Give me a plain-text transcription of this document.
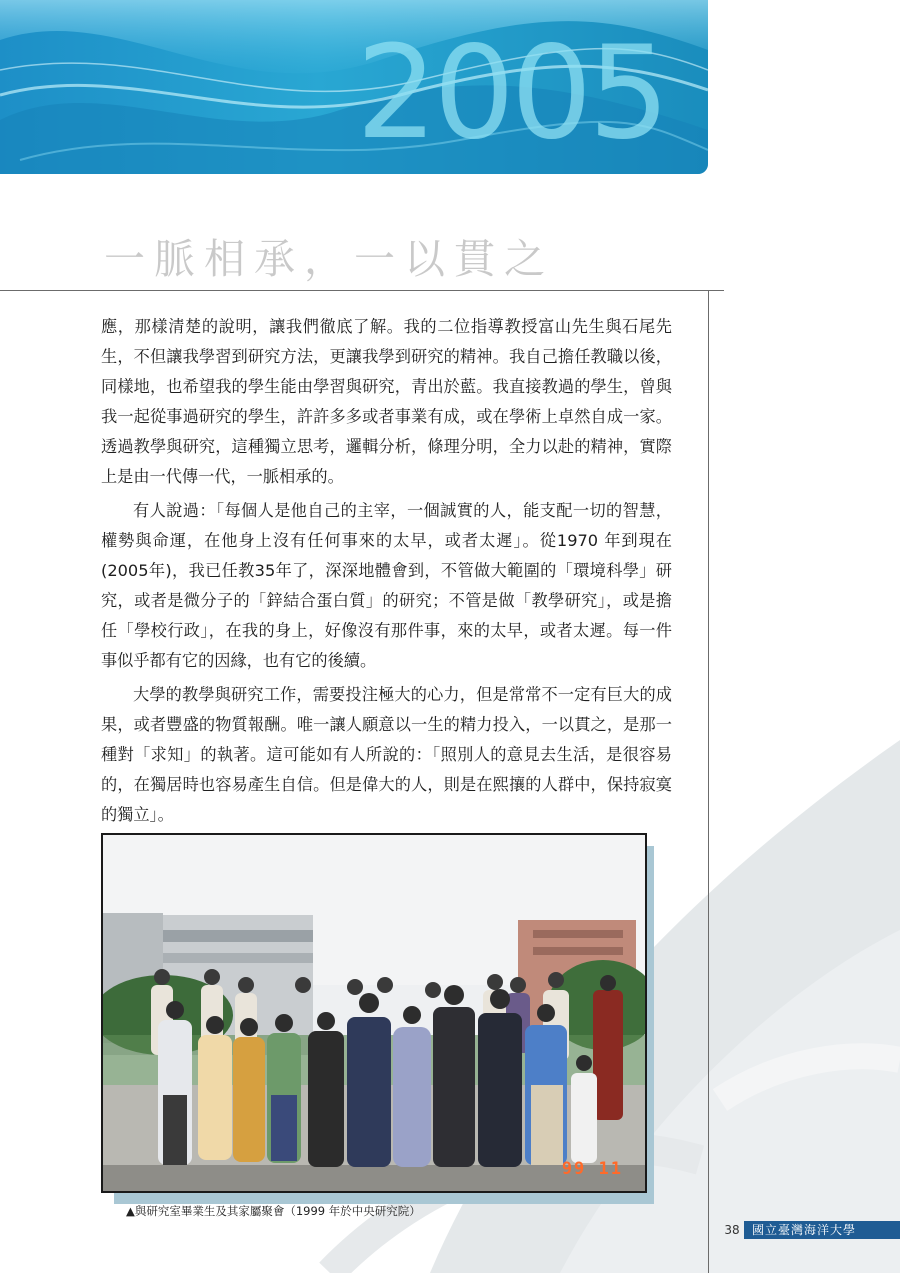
2005
一脈相承，一以貫之

應，那樣清楚的說明，讓我們徹底了解。我的二位指導教授富山先生與石尾先生，不但讓我學習到研究方法，更讓我學到研究的精神。我自己擔任教職以後，同樣地，也希望我的學生能由學習與研究，青出於藍。我直接教過的學生，曾與我一起從事過研究的學生，許許多多或者事業有成，或在學術上卓然自成一家。透過教學與研究，這種獨立思考，邏輯分析，條理分明，全力以赴的精神，實際上是由一代傳一代，一脈相承的。

有人說過：「每個人是他自己的主宰，一個誠實的人，能支配一切的智慧，權勢與命運，在他身上沒有任何事來的太早，或者太遲」。從1970 年到現在 (2005年)，我已任教35年了，深深地體會到，不管做大範圍的「環境科學」研究，或者是微分子的「鋅結合蛋白質」的研究；不管是做「教學研究」，或是擔任「學校行政」，在我的身上，好像沒有那件事，來的太早，或者太遲。每一件事似乎都有它的因緣，也有它的後續。

大學的教學與研究工作，需要投注極大的心力，但是常常不一定有巨大的成果，或者豐盛的物質報酬。唯一讓人願意以一生的精力投入，一以貫之，是那一種對「求知」的執著。這可能如有人所說的：「照別人的意見去生活，是很容易的，在獨居時也容易產生自信。但是偉大的人，則是在熙攘的人群中，保持寂寞的獨立」。

99 11
▲與研究室畢業生及其家屬聚會（1999 年於中央研究院）
38	國立臺灣海洋大學
